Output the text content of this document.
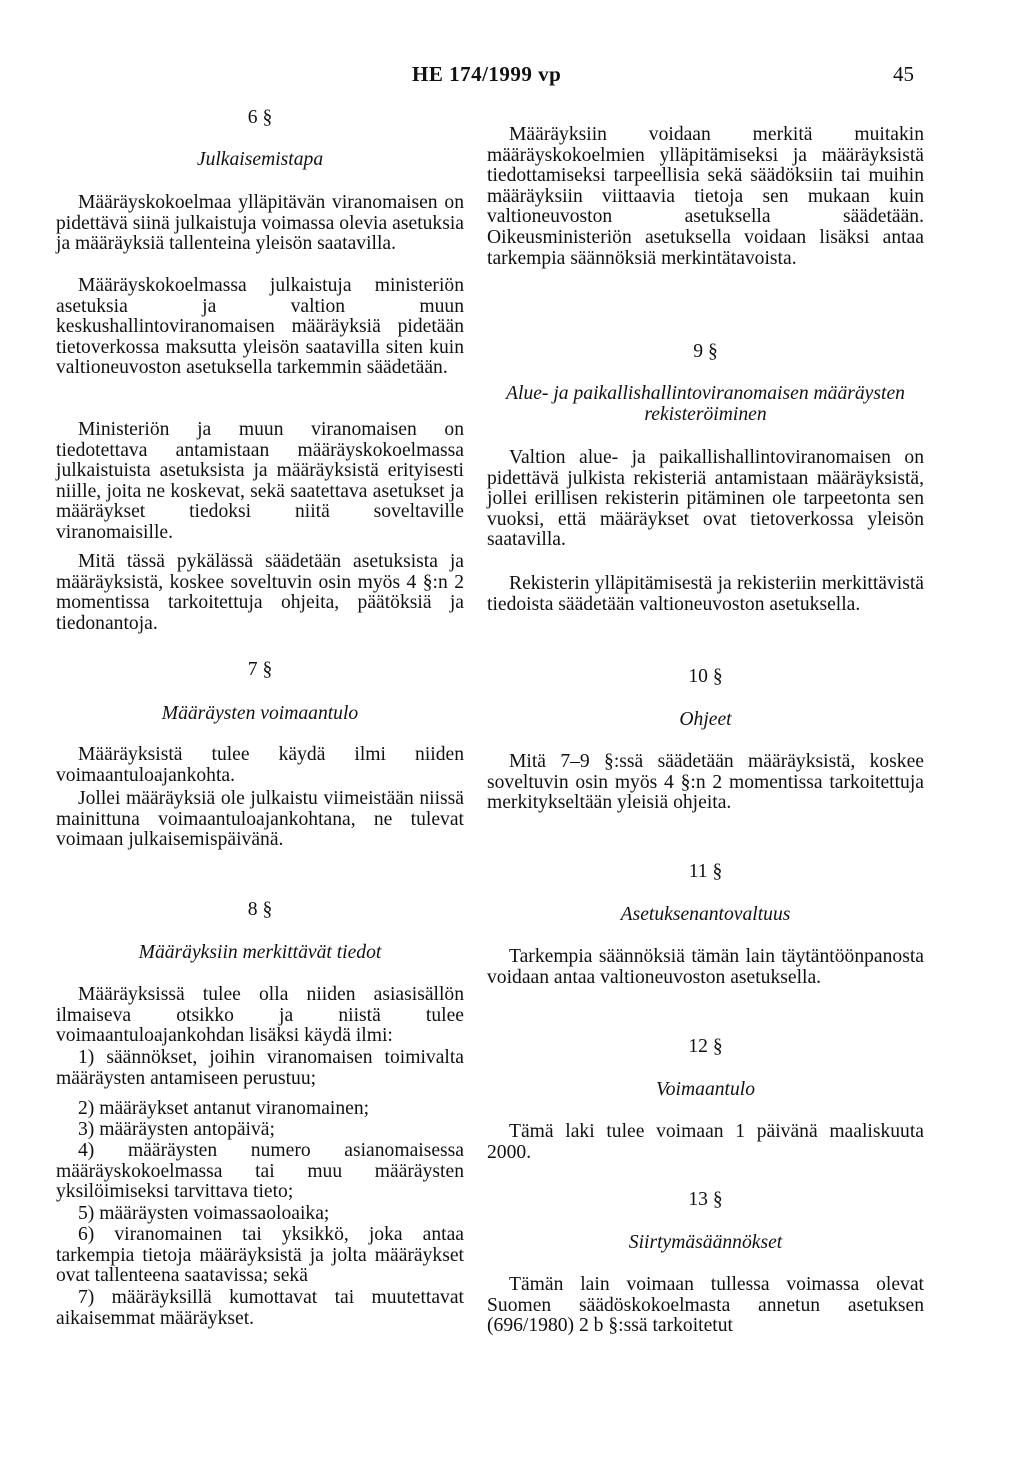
HE 174/1999 vp	45
6 §
Julkaisemistapa
Määräyskokoelmaa ylläpitävän viranomaisen on pidettävä siinä julkaistuja voimassa olevia asetuksia ja määräyksiä tallenteina yleisön saatavilla.
Määräyskokoelmassa julkaistuja ministeriön asetuksia ja valtion muun keskushallintoviranomaisen määräyksiä pidetään tietoverkossa maksutta yleisön saatavilla siten kuin valtioneuvoston asetuksella tarkemmin säädetään.
Ministeriön ja muun viranomaisen on tiedotettava antamistaan määräyskokoelmassa julkaistuista asetuksista ja määräyksistä erityisesti niille, joita ne koskevat, sekä saatettava asetukset ja määräykset tiedoksi niitä soveltaville viranomaisille.
Mitä tässä pykälässä säädetään asetuksista ja määräyksistä, koskee soveltuvin osin myös 4 §:n 2 momentissa tarkoitettuja ohjeita, päätöksiä ja tiedonantoja.
7 §
Määräysten voimaantulo
Määräyksistä tulee käydä ilmi niiden voimaantuloajankohta.
Jollei määräyksiä ole julkaistu viimeistään niissä mainittuna voimaantuloajankohtana, ne tulevat voimaan julkaisemispäivänä.
8 §
Määräyksiin merkittävät tiedot
Määräyksissä tulee olla niiden asiasisällön ilmaiseva otsikko ja niistä tulee voimaantuloajankohdan lisäksi käydä ilmi:
1) säännökset, joihin viranomaisen toimivalta määräysten antamiseen perustuu;
2) määräykset antanut viranomainen;
3) määräysten antopäivä;
4) määräysten numero asianomaisessa määräyskokoelmassa tai muu määräysten yksilöimiseksi tarvittava tieto;
5) määräysten voimassaoloaika;
6) viranomainen tai yksikkö, joka antaa tarkempia tietoja määräyksistä ja jolta määräykset ovat tallenteena saatavissa; sekä
7) määräyksillä kumottavat tai muutettavat aikaisemmat määräykset.
Määräyksiin voidaan merkitä muitakin määräyskokoelmien ylläpitämiseksi ja määräyksistä tiedottamiseksi tarpeellisia sekä säädöksiin tai muihin määräyksiin viittaavia tietoja sen mukaan kuin valtioneuvoston asetuksella säädetään. Oikeusministeriön asetuksella voidaan lisäksi antaa tarkempia säännöksiä merkintätavoista.
9 §
Alue- ja paikallishallintoviranomaisen määräysten rekisteröiminen
Valtion alue- ja paikallishallintoviranomaisen on pidettävä julkista rekisteriä antamistaan määräyksistä, jollei erillisen rekisterin pitäminen ole tarpeetonta sen vuoksi, että määräykset ovat tietoverkossa yleisön saatavilla.
Rekisterin ylläpitämisestä ja rekisteriin merkittävistä tiedoista säädetään valtioneuvoston asetuksella.
10 §
Ohjeet
Mitä 7–9 §:ssä säädetään määräyksistä, koskee soveltuvin osin myös 4 §:n 2 momentissa tarkoitettuja merkitykseltään yleisiä ohjeita.
11 §
Asetuksenantovaltuus
Tarkempia säännöksiä tämän lain täytäntöönpanosta voidaan antaa valtioneuvoston asetuksella.
12 §
Voimaantulo
Tämä laki tulee voimaan 1 päivänä maaliskuuta 2000.
13 §
Siirtymäsäännökset
Tämän lain voimaan tullessa voimassa olevat Suomen säädöskokoelmasta annetun asetuksen (696/1980) 2 b §:ssä tarkoitetut
